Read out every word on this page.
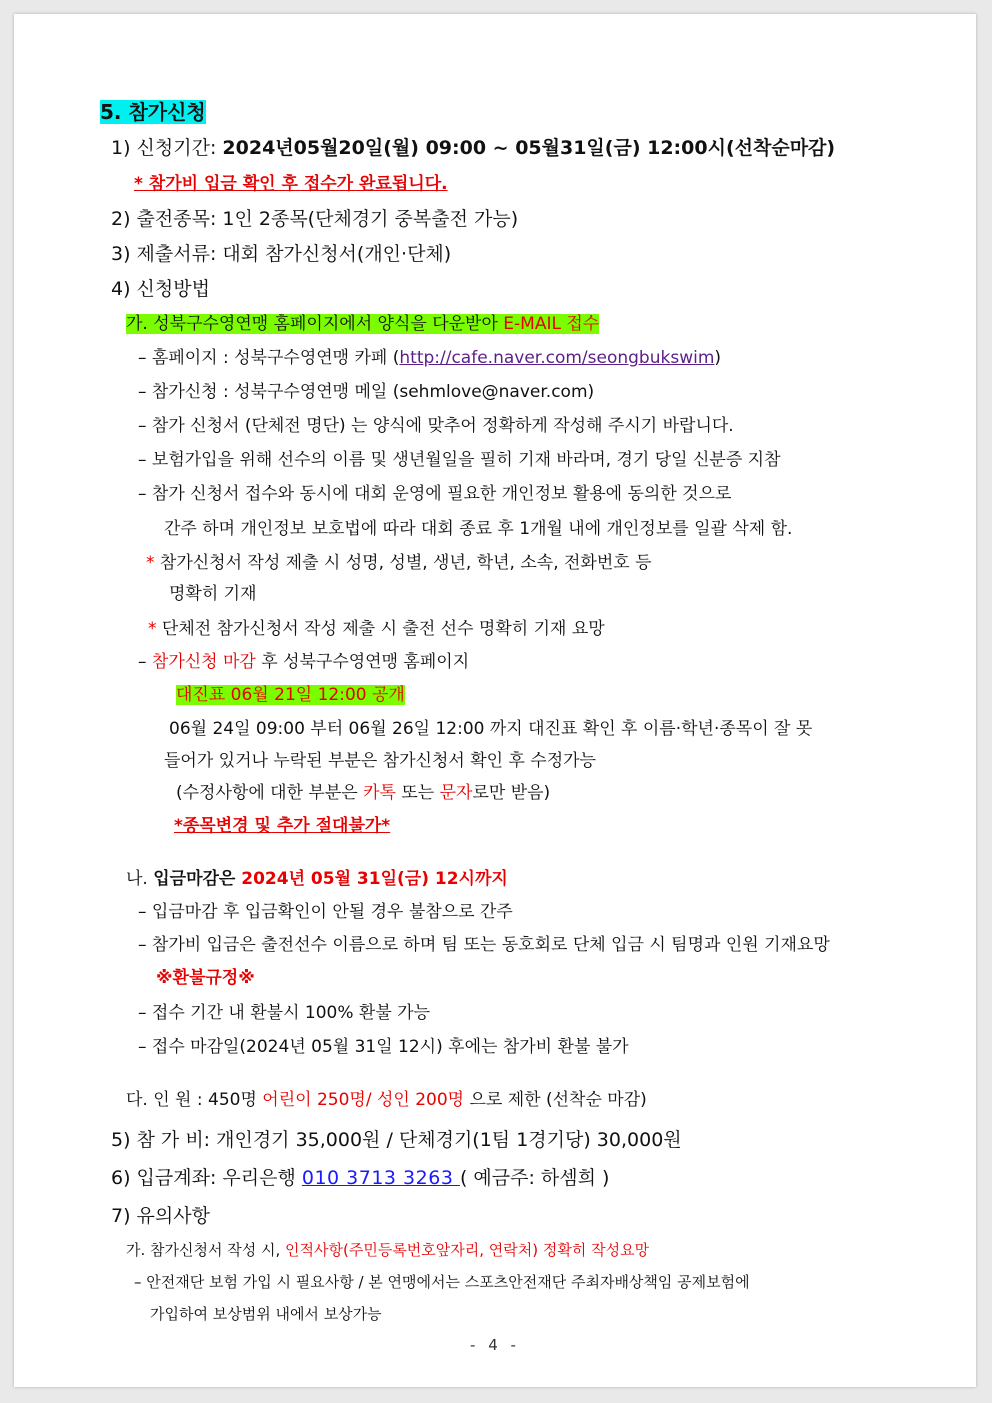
5. 참가신청
1) 신청기간: 2024년05월20일(월) 09:00 ~ 05월31일(금) 12:00시(선착순마감)
* 참가비 입금 확인 후 접수가 완료됩니다.
2) 출전종목: 1인 2종목(단체경기 중복출전 가능)
3) 제출서류: 대회 참가신청서(개인·단체)
4) 신청방법
가. 성북구수영연맹 홈페이지에서 양식을 다운받아 E-MAIL 접수
– 홈페이지 : 성북구수영연맹 카페 (http://cafe.naver.com/seongbukswim)
– 참가신청 : 성북구수영연맹 메일 (sehmlove@naver.com)
– 참가 신청서 (단체전 명단) 는 양식에 맞추어 정확하게 작성해 주시기 바랍니다.
– 보험가입을 위해 선수의 이름 및 생년월일을 필히 기재 바라며, 경기 당일 신분증 지참
– 참가 신청서 접수와 동시에 대회 운영에 필요한 개인정보 활용에 동의한 것으로
간주 하며 개인정보 보호법에 따라 대회 종료 후 1개월 내에 개인정보를 일괄 삭제 함.
* 참가신청서 작성 제출 시 성명, 성별, 생년, 학년, 소속, 전화번호 등
명확히 기재
* 단체전 참가신청서 작성 제출 시 출전 선수 명확히 기재 요망
– 참가신청 마감 후 성북구수영연맹 홈페이지
대진표 06월 21일 12:00 공개
06월 24일 09:00 부터 06월 26일 12:00 까지 대진표 확인 후 이름·학년·종목이 잘 못
들어가 있거나 누락된 부분은 참가신청서 확인 후 수정가능
(수정사항에 대한 부분은 카톡 또는 문자로만 받음)
*종목변경 및 추가 절대불가*
나. 입금마감은 2024년 05월 31일(금) 12시까지
– 입금마감 후 입금확인이 안될 경우 불참으로 간주
– 참가비 입금은 출전선수 이름으로 하며 팀 또는 동호회로 단체 입금 시 팀명과 인원 기재요망
※환불규정※
– 접수 기간 내 환불시 100% 환불 가능
– 접수 마감일(2024년 05월 31일 12시) 후에는 참가비 환불 불가
다. 인 원 : 450명 어린이 250명/ 성인 200명 으로 제한 (선착순 마감)
5) 참 가 비: 개인경기 35,000원 / 단체경기(1팀 1경기당) 30,000원
6) 입금계좌: 우리은행 010 3713 3263 ( 예금주: 하셈희 )
7) 유의사항
가. 참가신청서 작성 시, 인적사항(주민등록번호앞자리, 연락처) 정확히 작성요망
– 안전재단 보험 가입 시 필요사항 / 본 연맹에서는 스포츠안전재단 주최자배상책임 공제보험에
가입하여 보상범위 내에서 보상가능
- 4 -
